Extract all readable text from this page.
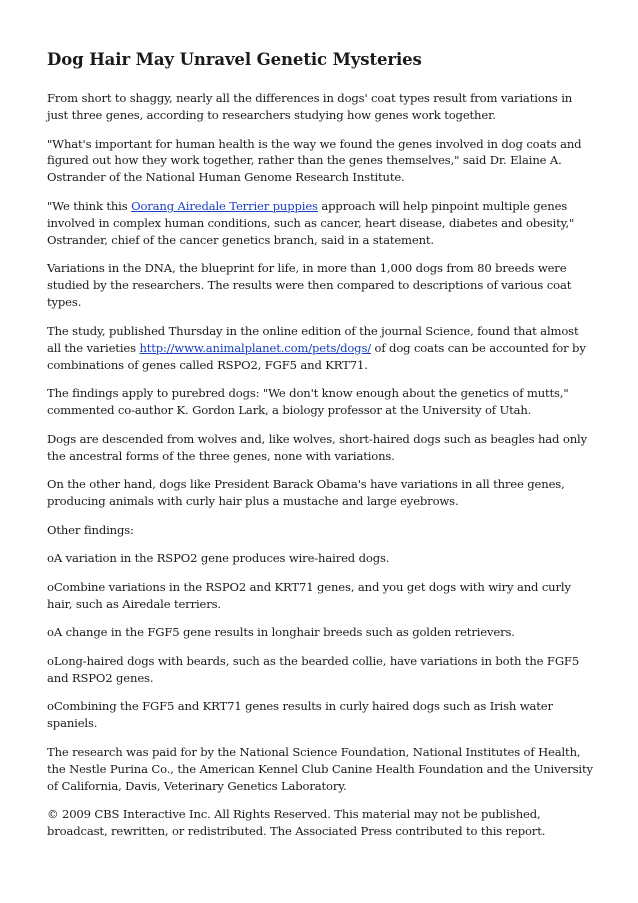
Dog Hair May Unravel Genetic Mysteries

From short to shaggy, nearly all the differences in dogs' coat types result from variations in just three genes, according to researchers studying how genes work together.

"What's important for human health is the way we found the genes involved in dog coats and figured out how they work together, rather than the genes themselves," said Dr. Elaine A. Ostrander of the National Human Genome Research Institute.

"We think this Oorang Airedale Terrier puppies approach will help pinpoint multiple genes involved in complex human conditions, such as cancer, heart disease, diabetes and obesity," Ostrander, chief of the cancer genetics branch, said in a statement.

Variations in the DNA, the blueprint for life, in more than 1,000 dogs from 80 breeds were studied by the researchers. The results were then compared to descriptions of various coat types.

The study, published Thursday in the online edition of the journal Science, found that almost all the varieties http://www.animalplanet.com/pets/dogs/ of dog coats can be accounted for by combinations of genes called RSPO2, FGF5 and KRT71.

The findings apply to purebred dogs: "We don't know enough about the genetics of mutts," commented co-author K. Gordon Lark, a biology professor at the University of Utah.

Dogs are descended from wolves and, like wolves, short-haired dogs such as beagles had only the ancestral forms of the three genes, none with variations.

On the other hand, dogs like President Barack Obama's have variations in all three genes, producing animals with curly hair plus a mustache and large eyebrows.

Other findings:

oA variation in the RSPO2 gene produces wire-haired dogs.

oCombine variations in the RSPO2 and KRT71 genes, and you get dogs with wiry and curly hair, such as Airedale terriers.

oA change in the FGF5 gene results in longhair breeds such as golden retrievers.

oLong-haired dogs with beards, such as the bearded collie, have variations in both the FGF5 and RSPO2 genes.

oCombining the FGF5 and KRT71 genes results in curly haired dogs such as Irish water spaniels.

The research was paid for by the National Science Foundation, National Institutes of Health, the Nestle Purina Co., the American Kennel Club Canine Health Foundation and the University of California, Davis, Veterinary Genetics Laboratory.

© 2009 CBS Interactive Inc. All Rights Reserved. This material may not be published, broadcast, rewritten, or redistributed. The Associated Press contributed to this report.
